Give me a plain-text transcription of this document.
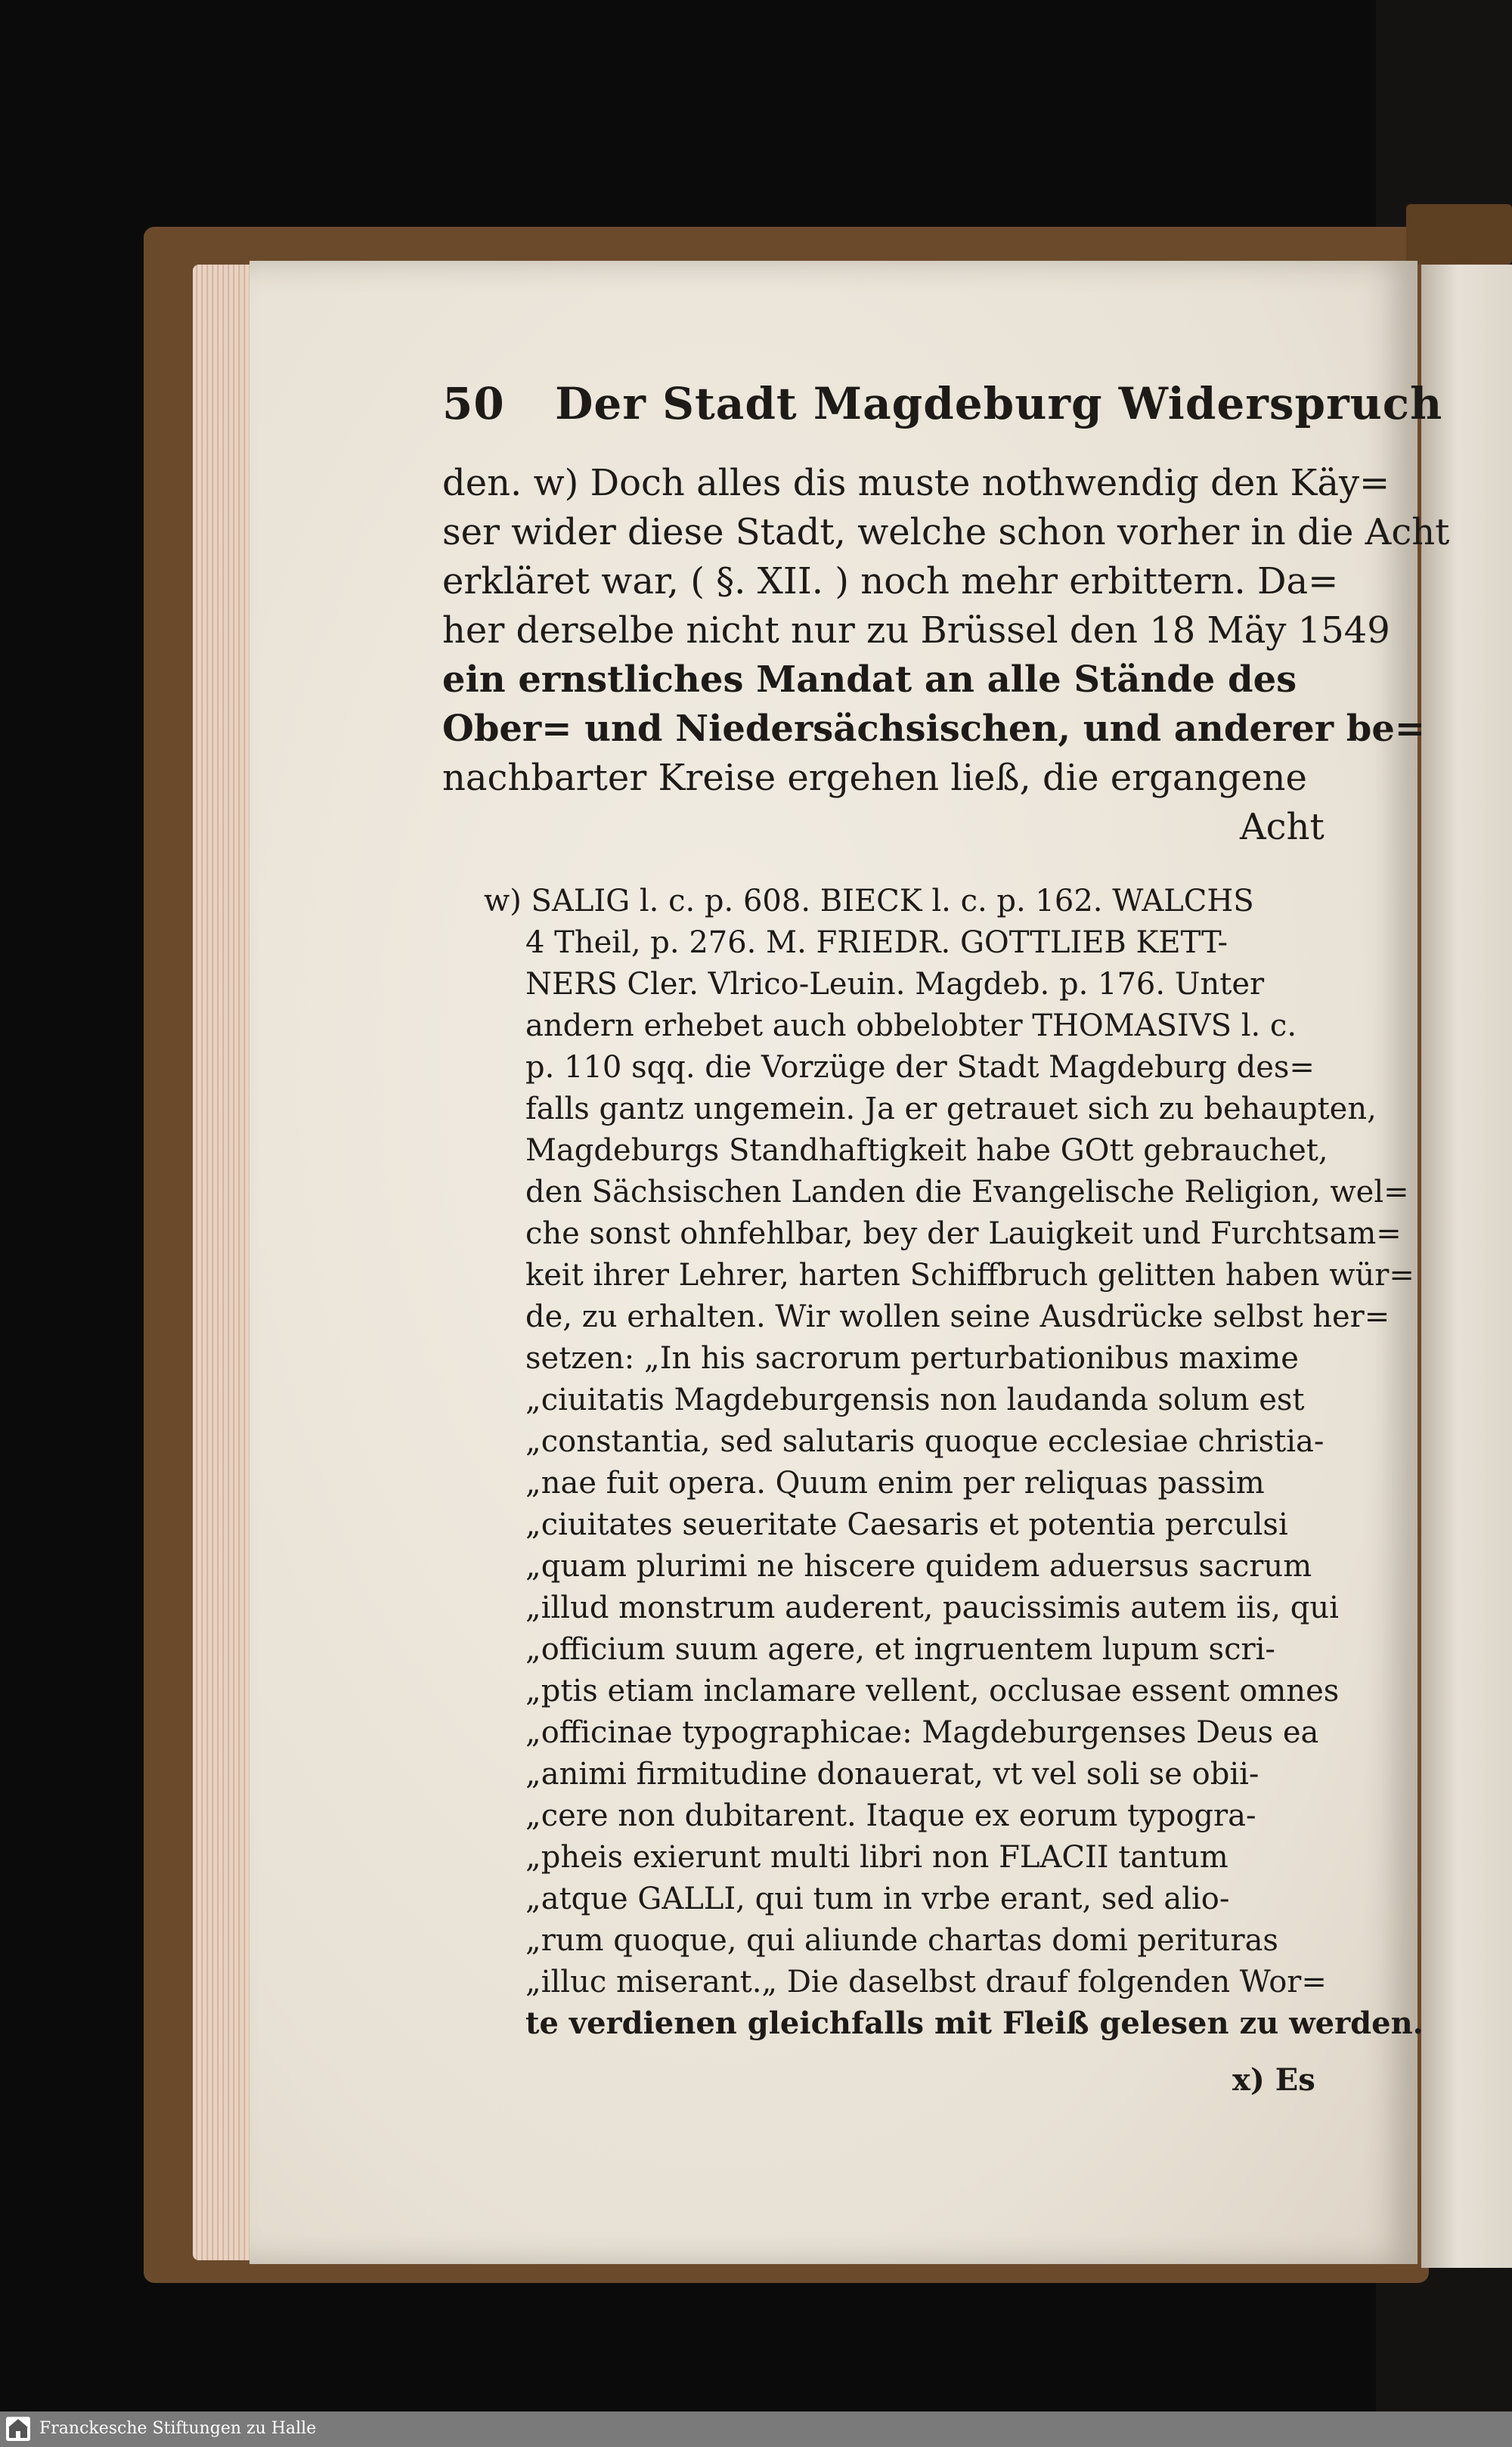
50 Der Stadt Magdeburg Widerspruch
den. w) Doch alles dis muste nothwendig den Käy=
ser wider diese Stadt, welche schon vorher in die Acht
erkläret war, ( §. XII. ) noch mehr erbittern. Da=
her derselbe nicht nur zu Brüssel den 18 Mäy 1549
ein ernstliches Mandat an alle Stände des
Ober= und Niedersächsischen, und anderer be=
nachbarter Kreise ergehen ließ, die ergangene
Acht
w) SALIG l. c. p. 608. BIECK l. c. p. 162. WALCHS
4 Theil, p. 276. M. FRIEDR. GOTTLIEB KETT-
NERS Cler. Vlrico-Leuin. Magdeb. p. 176. Unter
andern erhebet auch obbelobter THOMASIVS l. c.
p. 110 sqq. die Vorzüge der Stadt Magdeburg des=
falls gantz ungemein. Ja er getrauet sich zu behaupten,
Magdeburgs Standhaftigkeit habe GOtt gebrauchet,
den Sächsischen Landen die Evangelische Religion, wel=
che sonst ohnfehlbar, bey der Lauigkeit und Furchtsam=
keit ihrer Lehrer, harten Schiffbruch gelitten haben wür=
de, zu erhalten. Wir wollen seine Ausdrücke selbst her=
setzen: „In his sacrorum perturbationibus maxime
„ciuitatis Magdeburgensis non laudanda solum est
„constantia, sed salutaris quoque ecclesiae christia-
„nae fuit opera. Quum enim per reliquas passim
„ciuitates seueritate Caesaris et potentia perculsi
„quam plurimi ne hiscere quidem aduersus sacrum
„illud monstrum auderent, paucissimis autem iis, qui
„officium suum agere, et ingruentem lupum scri-
„ptis etiam inclamare vellent, occlusae essent omnes
„officinae typographicae: Magdeburgenses Deus ea
„animi firmitudine donauerat, vt vel soli se obii-
„cere non dubitarent. Itaque ex eorum typogra-
„pheis exierunt multi libri non FLACII tantum
„atque GALLI, qui tum in vrbe erant, sed alio-
„rum quoque, qui aliunde chartas domi perituras
„illuc miserant.„ Die daselbst drauf folgenden Wor=
te verdienen gleichfalls mit Fleiß gelesen zu werden.
x) Es
Franckesche Stiftungen zu Halle
